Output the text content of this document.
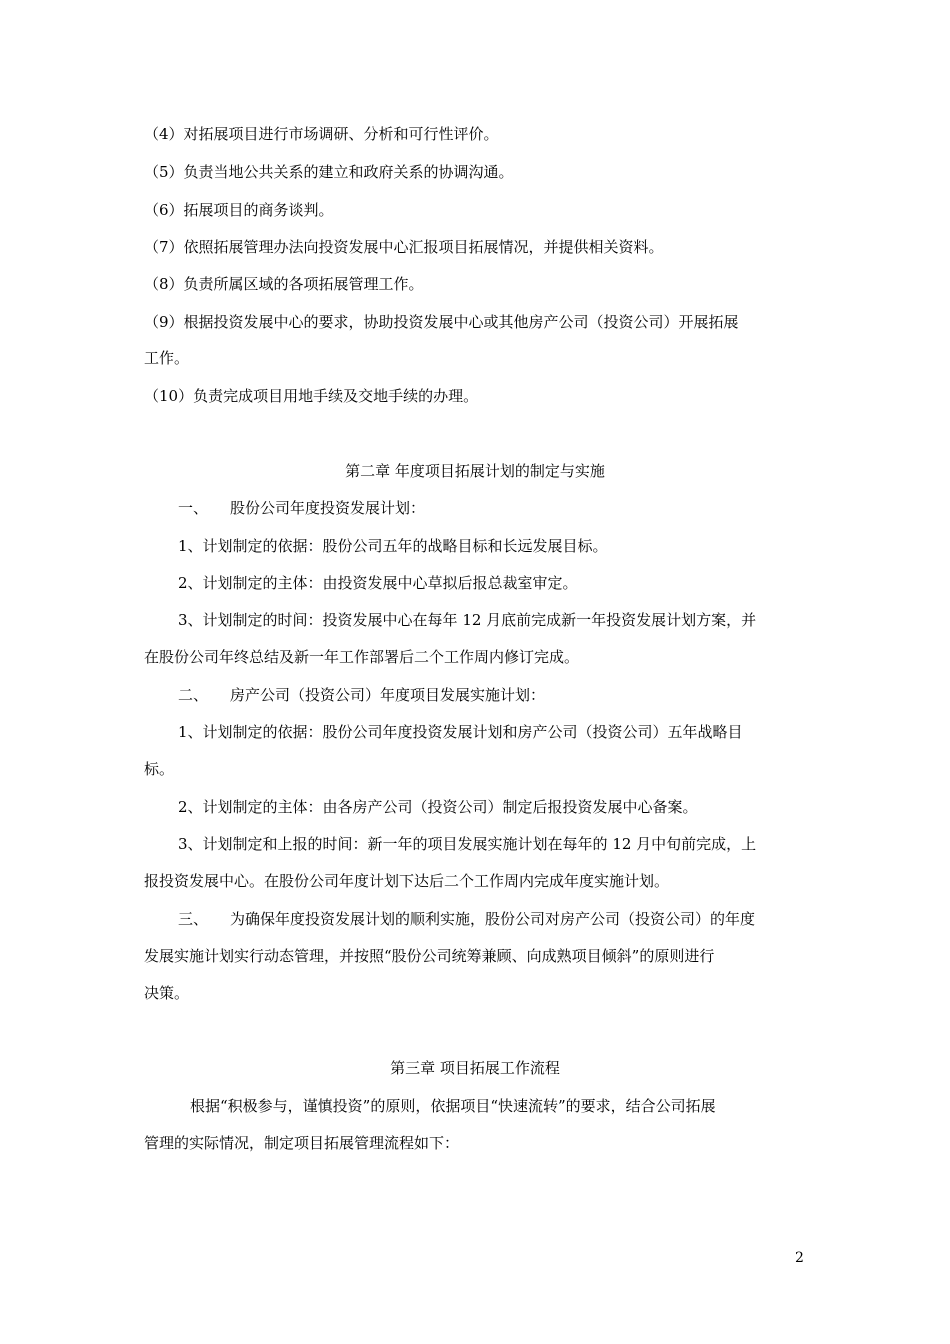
（4）对拓展项目进行市场调研、分析和可行性评价。
（5）负责当地公共关系的建立和政府关系的协调沟通。
（6）拓展项目的商务谈判。
（7）依照拓展管理办法向投资发展中心汇报项目拓展情况，并提供相关资料。
（8）负责所属区域的各项拓展管理工作。
（9）根据投资发展中心的要求，协助投资发展中心或其他房产公司（投资公司）开展拓展
工作。
（10）负责完成项目用地手续及交地手续的办理。
第二章 年度项目拓展计划的制定与实施
一、 股份公司年度投资发展计划：
1、计划制定的依据：股份公司五年的战略目标和长远发展目标。
2、计划制定的主体：由投资发展中心草拟后报总裁室审定。
3、计划制定的时间：投资发展中心在每年 12 月底前完成新一年投资发展计划方案，并
在股份公司年终总结及新一年工作部署后二个工作周内修订完成。
二、 房产公司（投资公司）年度项目发展实施计划：
1、计划制定的依据：股份公司年度投资发展计划和房产公司（投资公司）五年战略目
标。
2、计划制定的主体：由各房产公司（投资公司）制定后报投资发展中心备案。
3、计划制定和上报的时间：新一年的项目发展实施计划在每年的 12 月中旬前完成，上
报投资发展中心。在股份公司年度计划下达后二个工作周内完成年度实施计划。
三、 为确保年度投资发展计划的顺利实施，股份公司对房产公司（投资公司）的年度
发展实施计划实行动态管理，并按照“股份公司统筹兼顾、向成熟项目倾斜”的原则进行
决策。
第三章 项目拓展工作流程
根据“积极参与，谨慎投资”的原则，依据项目“快速流转”的要求，结合公司拓展
管理的实际情况，制定项目拓展管理流程如下：
2
